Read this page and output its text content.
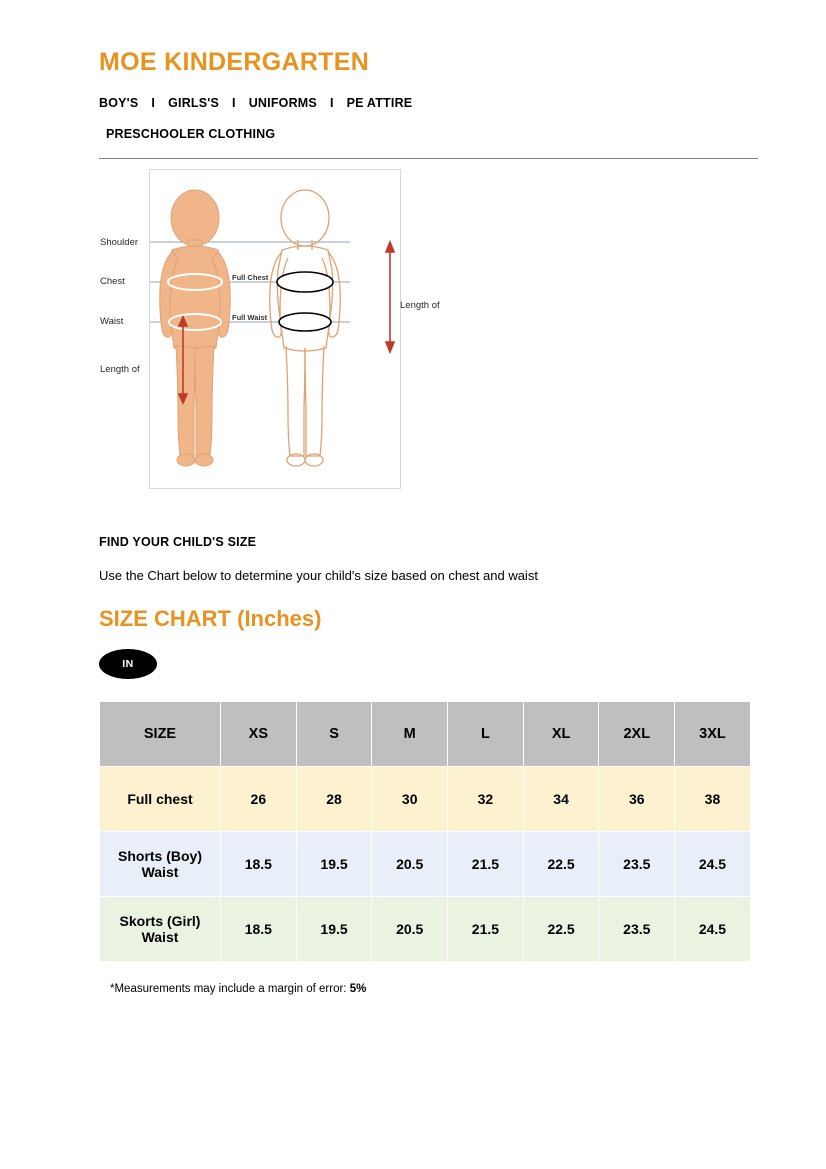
MOE KINDERGARTEN
BOY'S	I	GIRLS'S	I	UNIFORMS	I	PE ATTIRE
PRESCHOOLER CLOTHING
Shoulder
Chest
Waist
Length of
Full Chest
Full Waist
Length of
FIND YOUR CHILD'S SIZE
Use the Chart below to determine your child's size based on chest and waist
SIZE CHART (Inches)
IN
SIZE	XS	S	M	L	XL	2XL	3XL
Full chest	26	28	30	32	34	36	38
Shorts (Boy) Waist	18.5	19.5	20.5	21.5	22.5	23.5	24.5
Skorts (Girl) Waist	18.5	19.5	20.5	21.5	22.5	23.5	24.5
*Measurements may include a margin of error: 5%
